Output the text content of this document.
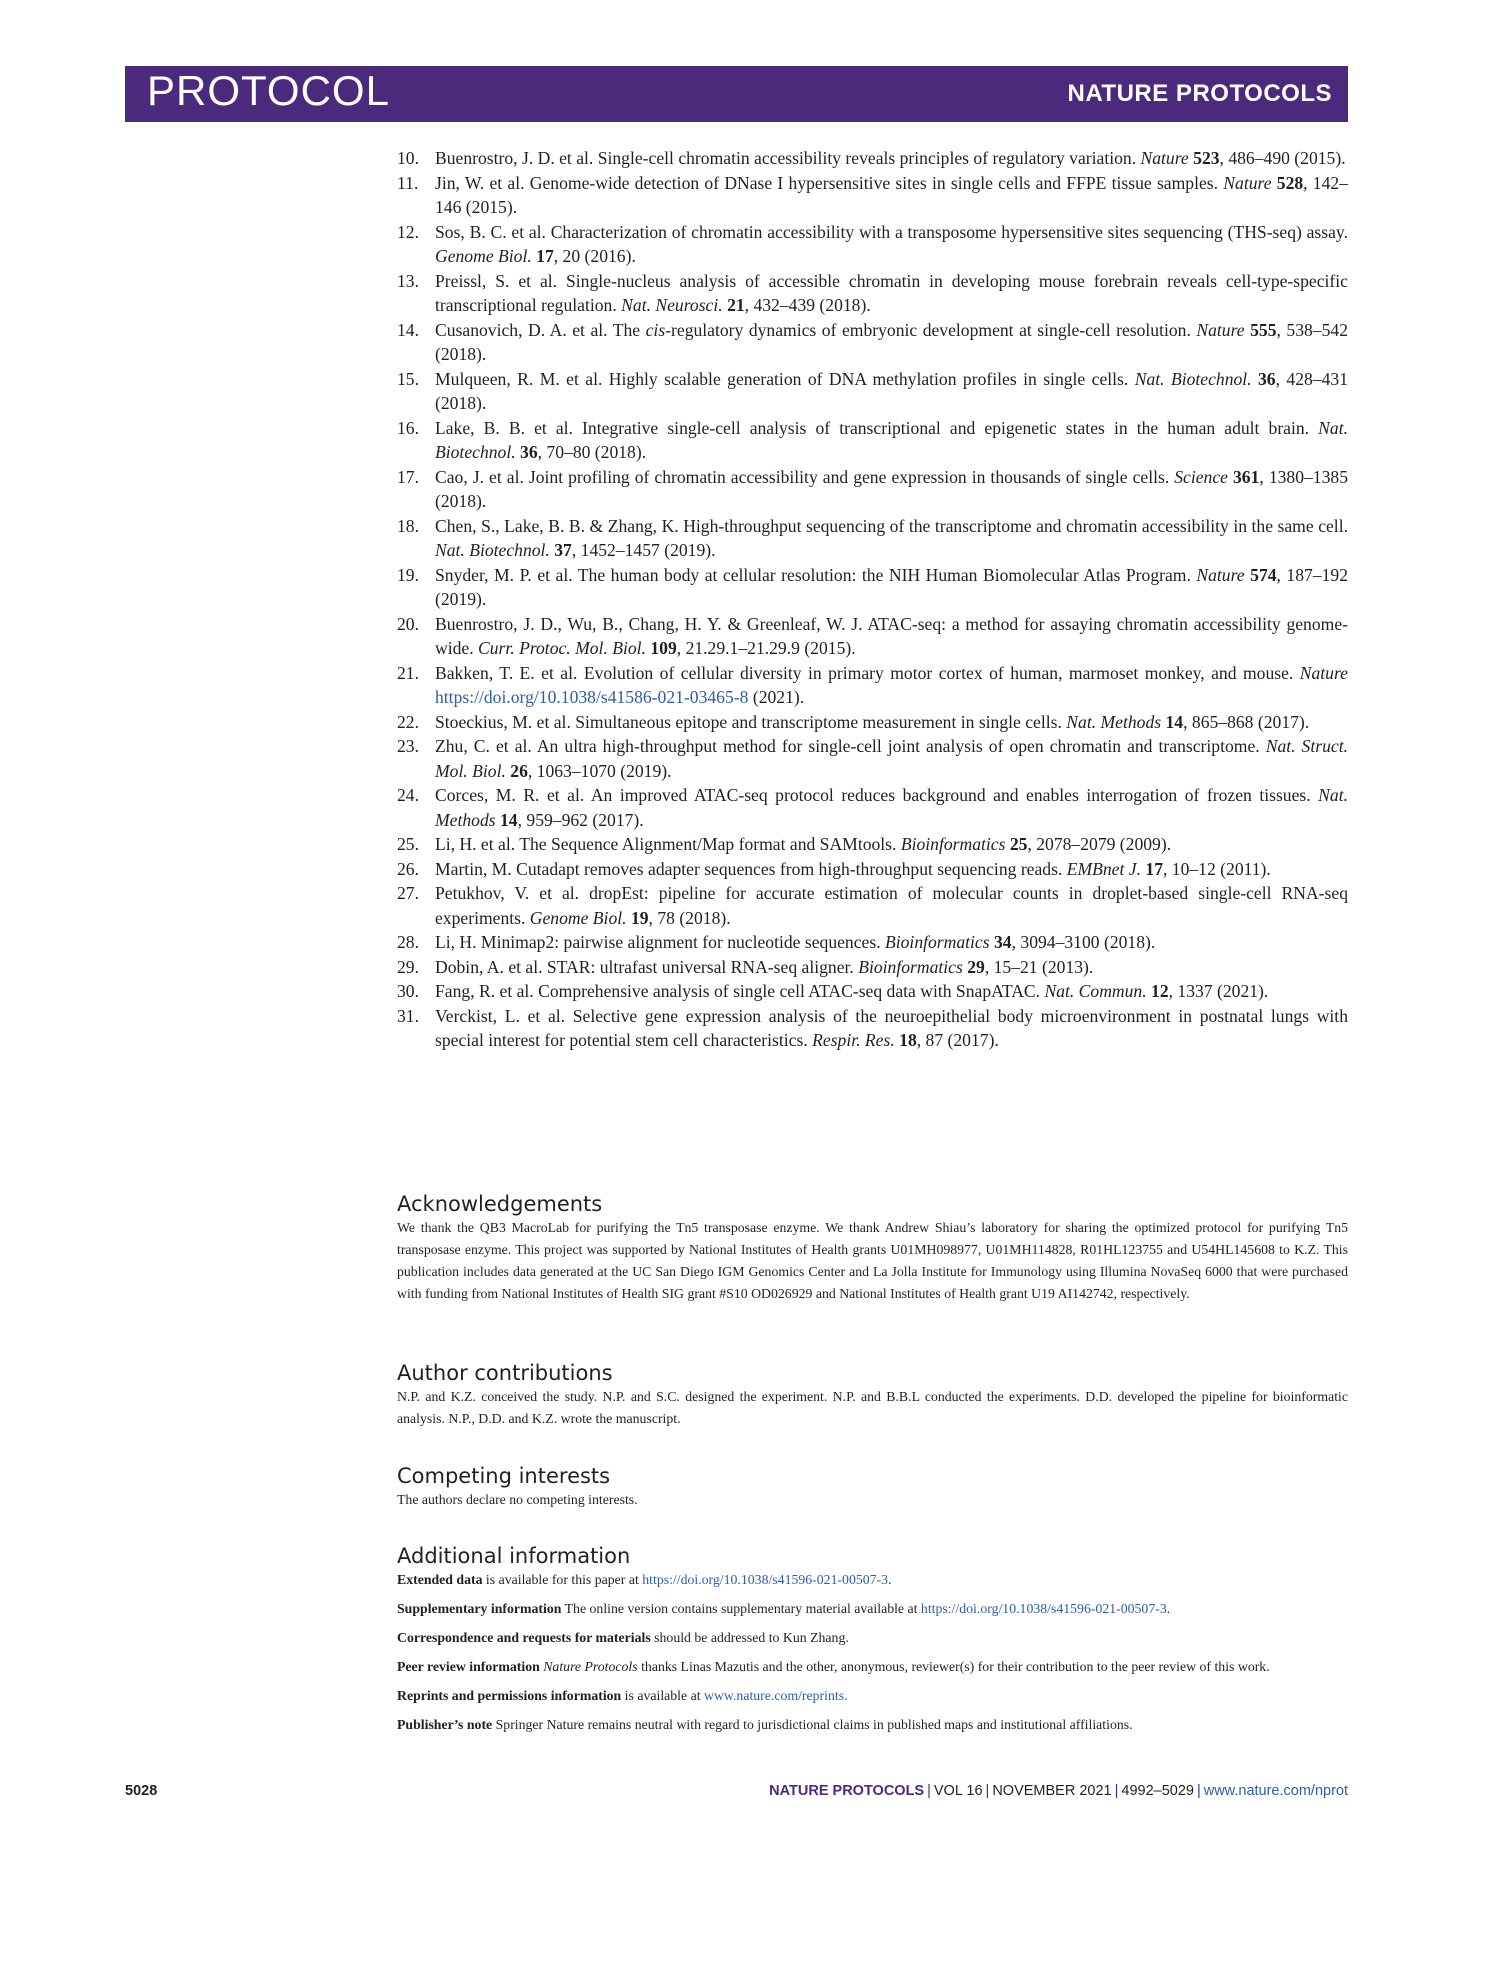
PROTOCOL	NATURE PROTOCOLS
10. Buenrostro, J. D. et al. Single-cell chromatin accessibility reveals principles of regulatory variation. Nature 523, 486–490 (2015).
11. Jin, W. et al. Genome-wide detection of DNase I hypersensitive sites in single cells and FFPE tissue samples. Nature 528, 142–146 (2015).
12. Sos, B. C. et al. Characterization of chromatin accessibility with a transposome hypersensitive sites sequencing (THS-seq) assay. Genome Biol. 17, 20 (2016).
13. Preissl, S. et al. Single-nucleus analysis of accessible chromatin in developing mouse forebrain reveals cell-type-specific transcriptional regulation. Nat. Neurosci. 21, 432–439 (2018).
14. Cusanovich, D. A. et al. The cis-regulatory dynamics of embryonic development at single-cell resolution. Nature 555, 538–542 (2018).
15. Mulqueen, R. M. et al. Highly scalable generation of DNA methylation profiles in single cells. Nat. Biotechnol. 36, 428–431 (2018).
16. Lake, B. B. et al. Integrative single-cell analysis of transcriptional and epigenetic states in the human adult brain. Nat. Biotechnol. 36, 70–80 (2018).
17. Cao, J. et al. Joint profiling of chromatin accessibility and gene expression in thousands of single cells. Science 361, 1380–1385 (2018).
18. Chen, S., Lake, B. B. & Zhang, K. High-throughput sequencing of the transcriptome and chromatin accessibility in the same cell. Nat. Biotechnol. 37, 1452–1457 (2019).
19. Snyder, M. P. et al. The human body at cellular resolution: the NIH Human Biomolecular Atlas Program. Nature 574, 187–192 (2019).
20. Buenrostro, J. D., Wu, B., Chang, H. Y. & Greenleaf, W. J. ATAC-seq: a method for assaying chromatin accessibility genome-wide. Curr. Protoc. Mol. Biol. 109, 21.29.1–21.29.9 (2015).
21. Bakken, T. E. et al. Evolution of cellular diversity in primary motor cortex of human, marmoset monkey, and mouse. Nature https://doi.org/10.1038/s41586-021-03465-8 (2021).
22. Stoeckius, M. et al. Simultaneous epitope and transcriptome measurement in single cells. Nat. Methods 14, 865–868 (2017).
23. Zhu, C. et al. An ultra high-throughput method for single-cell joint analysis of open chromatin and transcriptome. Nat. Struct. Mol. Biol. 26, 1063–1070 (2019).
24. Corces, M. R. et al. An improved ATAC-seq protocol reduces background and enables interrogation of frozen tissues. Nat. Methods 14, 959–962 (2017).
25. Li, H. et al. The Sequence Alignment/Map format and SAMtools. Bioinformatics 25, 2078–2079 (2009).
26. Martin, M. Cutadapt removes adapter sequences from high-throughput sequencing reads. EMBnet J. 17, 10–12 (2011).
27. Petukhov, V. et al. dropEst: pipeline for accurate estimation of molecular counts in droplet-based single-cell RNA-seq experiments. Genome Biol. 19, 78 (2018).
28. Li, H. Minimap2: pairwise alignment for nucleotide sequences. Bioinformatics 34, 3094–3100 (2018).
29. Dobin, A. et al. STAR: ultrafast universal RNA-seq aligner. Bioinformatics 29, 15–21 (2013).
30. Fang, R. et al. Comprehensive analysis of single cell ATAC-seq data with SnapATAC. Nat. Commun. 12, 1337 (2021).
31. Verckist, L. et al. Selective gene expression analysis of the neuroepithelial body microenvironment in postnatal lungs with special interest for potential stem cell characteristics. Respir. Res. 18, 87 (2017).
Acknowledgements

We thank the QB3 MacroLab for purifying the Tn5 transposase enzyme. We thank Andrew Shiau’s laboratory for sharing the optimized protocol for purifying Tn5 transposase enzyme. This project was supported by National Institutes of Health grants U01MH098977, U01MH114828, R01HL123755 and U54HL145608 to K.Z. This publication includes data generated at the UC San Diego IGM Genomics Center and La Jolla Institute for Immunology using Illumina NovaSeq 6000 that were purchased with funding from National Institutes of Health SIG grant #S10 OD026929 and National Institutes of Health grant U19 AI142742, respectively.

Author contributions

N.P. and K.Z. conceived the study. N.P. and S.C. designed the experiment. N.P. and B.B.L conducted the experiments. D.D. developed the pipeline for bioinformatic analysis. N.P., D.D. and K.Z. wrote the manuscript.

Competing interests

The authors declare no competing interests.

Additional information

Extended data is available for this paper at https://doi.org/10.1038/s41596-021-00507-3.

Supplementary information The online version contains supplementary material available at https://doi.org/10.1038/s41596-021-00507-3.

Correspondence and requests for materials should be addressed to Kun Zhang.

Peer review information Nature Protocols thanks Linas Mazutis and the other, anonymous, reviewer(s) for their contribution to the peer review of this work.

Reprints and permissions information is available at www.nature.com/reprints.

Publisher’s note Springer Nature remains neutral with regard to jurisdictional claims in published maps and institutional affiliations.

5028	NATURE PROTOCOLS | VOL 16 | NOVEMBER 2021 | 4992–5029 | www.nature.com/nprot
